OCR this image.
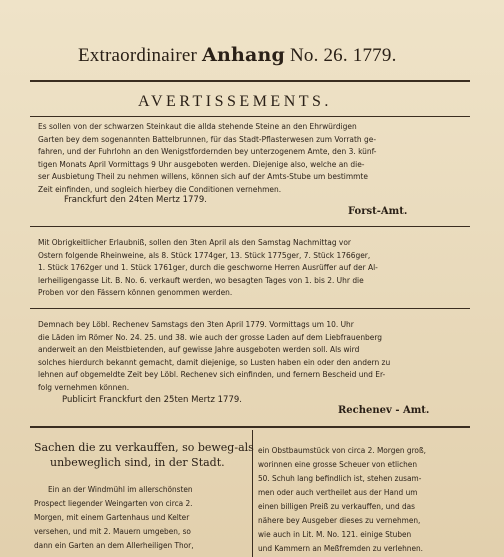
Extraordinairer Anhang No. 26. 1779.
AVERTISSEMENTS.
Es sollen von der schwarzen Steinkaut die allda stehende Steine an den Ehrwürdigen
Garten bey dem sogenannten Battelbrunnen, für das Stadt-Pflasterwesen zum Vorrath ge-
fahren, und der Fuhrlohn an den Wenigstfordernden bey unterzogenem Amte, den 3. künf-
tigen Monats April Vormittags 9 Uhr ausgeboten werden. Diejenige also, welche an die-
ser Ausbietung Theil zu nehmen willens, können sich auf der Amts-Stube um bestimmte
Zeit einfinden, und sogleich hierbey die Conditionen vernehmen.
Franckfurt den 24ten Mertz 1779.
Forst-Amt.
Mit Obrigkeitlicher Erlaubniß, sollen den 3ten April als den Samstag Nachmittag vor
Ostern folgende Rheinweine, als 8. Stück 1774ger, 13. Stück 1775ger, 7. Stück 1766ger,
1. Stück 1762ger und 1. Stück 1761ger, durch die geschworne Herren Ausrüffer auf der Al-
lerheiligengasse Lit. B. No. 6. verkauft werden, wo besagten Tages von 1. bis 2. Uhr die
Proben vor den Fässern können genommen werden.
Demnach bey Löbl. Rechenev Samstags den 3ten April 1779. Vormittags um 10. Uhr
die Läden im Römer No. 24. 25. und 38. wie auch der grosse Laden auf dem Liebfrauenberg
anderweit an den Meistbietenden, auf gewisse Jahre ausgeboten werden soll. Als wird
solches hierdurch bekannt gemacht, damit diejenige, so Lusten haben ein oder den andern zu
lehnen auf obgemeldte Zeit bey Löbl. Rechenev sich einfinden, und fernern Bescheid und Er-
folg vernehmen können.
Publicirt Franckfurt den 25ten Mertz 1779.
Rechenev - Amt.
Sachen die zu verkauffen, so beweg-als
unbeweglich sind, in der Stadt.
Ein an der Windmühl im allerschönsten
Prospect liegender Weingarten von circa 2.
Morgen, mit einem Gartenhaus und Kelter
versehen, und mit 2. Mauern umgeben, so
dann ein Garten an dem Allerheiligen Thor,
ein Obstbaumstück von circa 2. Morgen groß,
worinnen eine grosse Scheuer von etlichen
50. Schuh lang befindlich ist, stehen zusam-
men oder auch vertheilet aus der Hand um
einen billigen Preiß zu verkauffen, und das
nähere bey Ausgeber dieses zu vernehmen,
wie auch in Lit. M. No. 121. einige Stuben
und Kammern an Meßfremden zu verlehnen.
